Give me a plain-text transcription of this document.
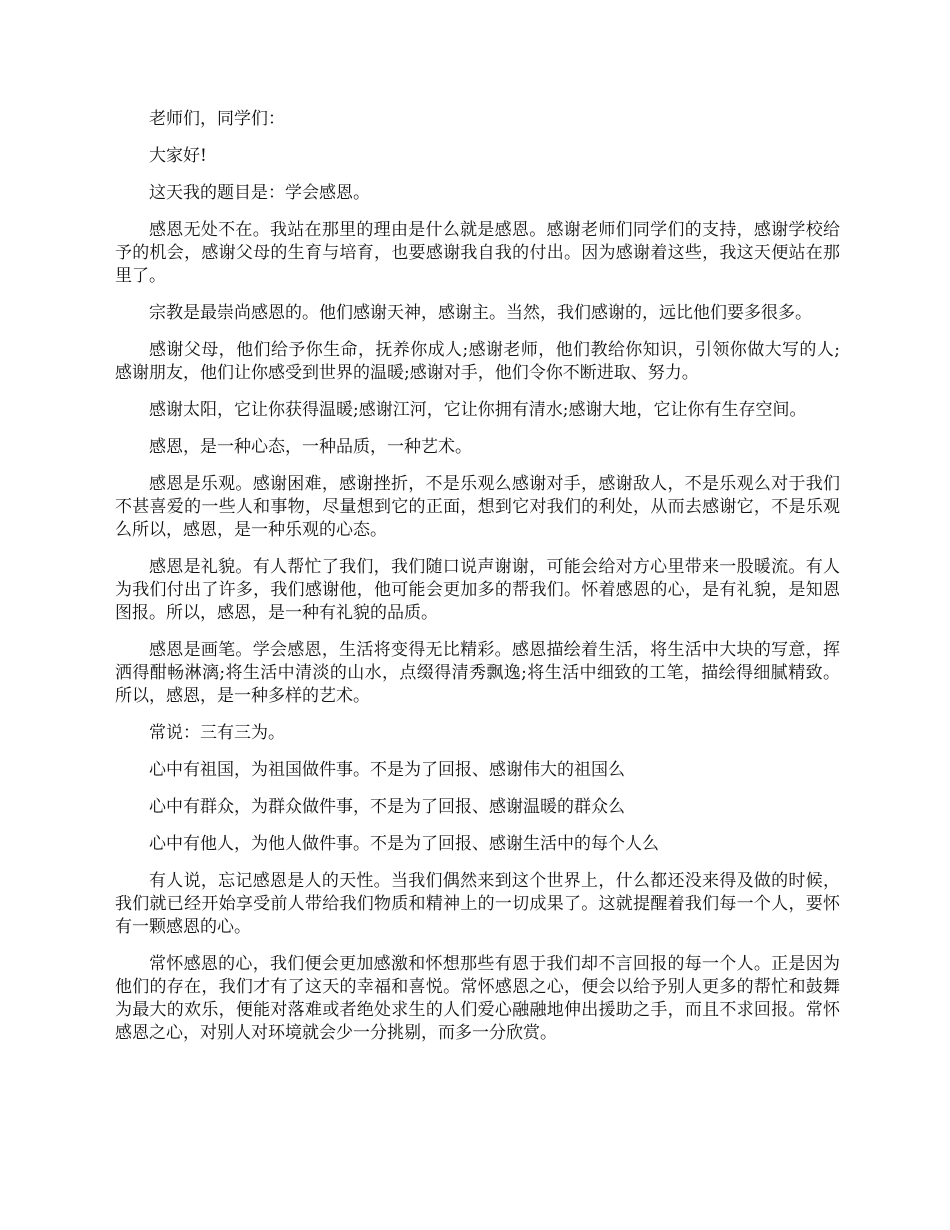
老师们，同学们：

大家好!

这天我的题目是：学会感恩。

感恩无处不在。我站在那里的理由是什么就是感恩。感谢老师们同学们的支持，感谢学校给予的机会，感谢父母的生育与培育，也要感谢我自我的付出。因为感谢着这些，我这天便站在那里了。

宗教是最崇尚感恩的。他们感谢天神，感谢主。当然，我们感谢的，远比他们要多很多。

感谢父母，他们给予你生命，抚养你成人;感谢老师，他们教给你知识，引领你做大写的人;感谢朋友，他们让你感受到世界的温暖;感谢对手，他们令你不断进取、努力。

感谢太阳，它让你获得温暖;感谢江河，它让你拥有清水;感谢大地，它让你有生存空间。

感恩，是一种心态，一种品质，一种艺术。

感恩是乐观。感谢困难，感谢挫折，不是乐观么感谢对手，感谢敌人，不是乐观么对于我们不甚喜爱的一些人和事物，尽量想到它的正面，想到它对我们的利处，从而去感谢它，不是乐观么所以，感恩，是一种乐观的心态。

感恩是礼貌。有人帮忙了我们，我们随口说声谢谢，可能会给对方心里带来一股暖流。有人为我们付出了许多，我们感谢他，他可能会更加多的帮我们。怀着感恩的心，是有礼貌，是知恩图报。所以，感恩，是一种有礼貌的品质。

感恩是画笔。学会感恩，生活将变得无比精彩。感恩描绘着生活，将生活中大块的写意，挥洒得酣畅淋漓;将生活中清淡的山水，点缀得清秀飘逸;将生活中细致的工笔，描绘得细腻精致。所以，感恩，是一种多样的艺术。

常说：三有三为。

心中有祖国，为祖国做件事。不是为了回报、感谢伟大的祖国么

心中有群众，为群众做件事，不是为了回报、感谢温暖的群众么

心中有他人，为他人做件事。不是为了回报、感谢生活中的每个人么

有人说，忘记感恩是人的天性。当我们偶然来到这个世界上，什么都还没来得及做的时候，我们就已经开始享受前人带给我们物质和精神上的一切成果了。这就提醒着我们每一个人，要怀有一颗感恩的心。

常怀感恩的心，我们便会更加感激和怀想那些有恩于我们却不言回报的每一个人。正是因为他们的存在，我们才有了这天的幸福和喜悦。常怀感恩之心，便会以给予别人更多的帮忙和鼓舞为最大的欢乐，便能对落难或者绝处求生的人们爱心融融地伸出援助之手，而且不求回报。常怀感恩之心，对别人对环境就会少一分挑剔，而多一分欣赏。
